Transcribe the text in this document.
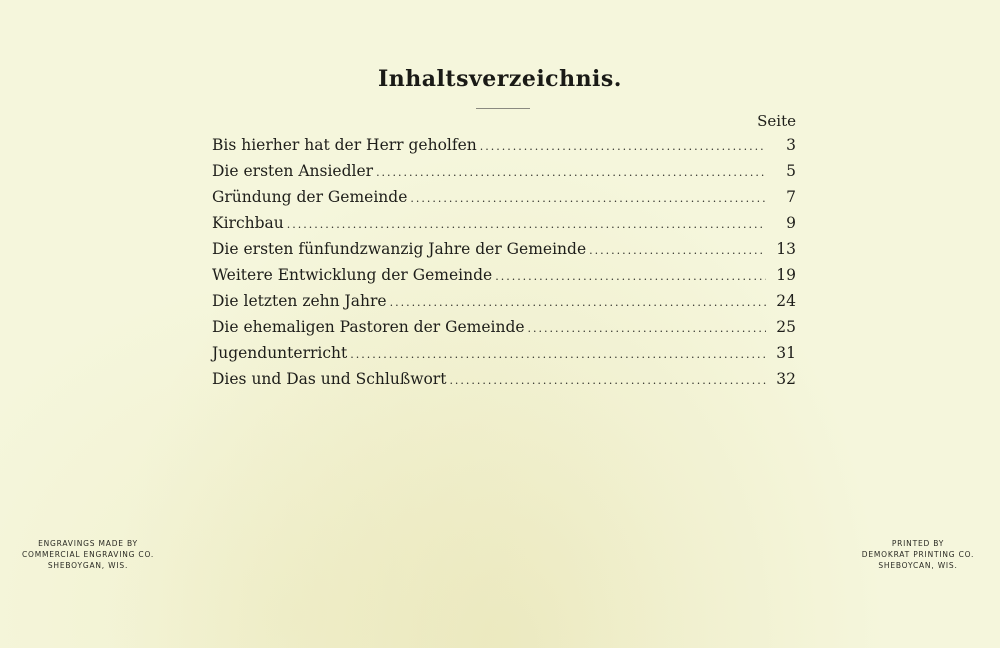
Inhaltsverzeichnis.
Seite
Bis hierher hat der Herr geholfen .....	3
Die ersten Ansiedler .....	5
Gründung der Gemeinde .....	7
Kirchbau .....	9
Die ersten fünfundzwanzig Jahre der Gemeinde .....	13
Weitere Entwicklung der Gemeinde .....	19
Die letzten zehn Jahre .....	24
Die ehemaligen Pastoren der Gemeinde .....	25
Jugendunterricht .....	31
Dies und Das und Schlußwort .....	32
ENGRAVINGS MADE BY
COMMERCIAL ENGRAVING CO.
SHEBOYGAN, WIS.
PRINTED BY
DEMOKRAT PRINTING CO.
SHEBOYCAN, WIS.
